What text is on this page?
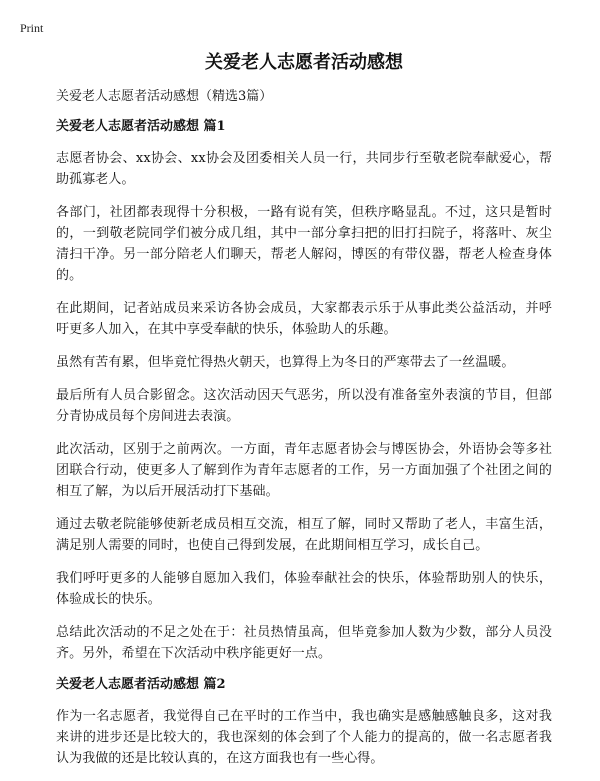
Print
关爱老人志愿者活动感想

关爱老人志愿者活动感想（精选3篇）

关爱老人志愿者活动感想 篇1

志愿者协会、xx协会、xx协会及团委相关人员一行，共同步行至敬老院奉献爱心，帮助孤寡老人。

各部门，社团都表现得十分积极，一路有说有笑，但秩序略显乱。不过，这只是暂时的，一到敬老院同学们被分成几组，其中一部分拿扫把的旧打扫院子，将落叶、灰尘清扫干净。另一部分陪老人们聊天，帮老人解闷，博医的有带仪器，帮老人检查身体的。

在此期间，记者站成员来采访各协会成员，大家都表示乐于从事此类公益活动，并呼吁更多人加入，在其中享受奉献的快乐，体验助人的乐趣。

虽然有苦有累，但毕竟忙得热火朝天，也算得上为冬日的严寒带去了一丝温暖。

最后所有人员合影留念。这次活动因天气恶劣，所以没有准备室外表演的节目，但部分青协成员每个房间进去表演。

此次活动，区别于之前两次。一方面，青年志愿者协会与博医协会，外语协会等多社团联合行动，使更多人了解到作为青年志愿者的工作，另一方面加强了个社团之间的相互了解，为以后开展活动打下基础。

通过去敬老院能够使新老成员相互交流，相互了解，同时又帮助了老人，丰富生活，满足别人需要的同时，也使自己得到发展，在此期间相互学习，成长自己。

我们呼吁更多的人能够自愿加入我们，体验奉献社会的快乐，体验帮助别人的快乐，体验成长的快乐。

总结此次活动的不足之处在于：社员热情虽高，但毕竟参加人数为少数，部分人员没齐。另外，希望在下次活动中秩序能更好一点。

关爱老人志愿者活动感想 篇2

作为一名志愿者，我觉得自己在平时的工作当中，我也确实是感触感触良多，这对我来讲的进步还是比较大的，我也深刻的体会到了个人能力的提高的，做一名志愿者我认为我做的还是比较认真的，在这方面我也有一些心得。
